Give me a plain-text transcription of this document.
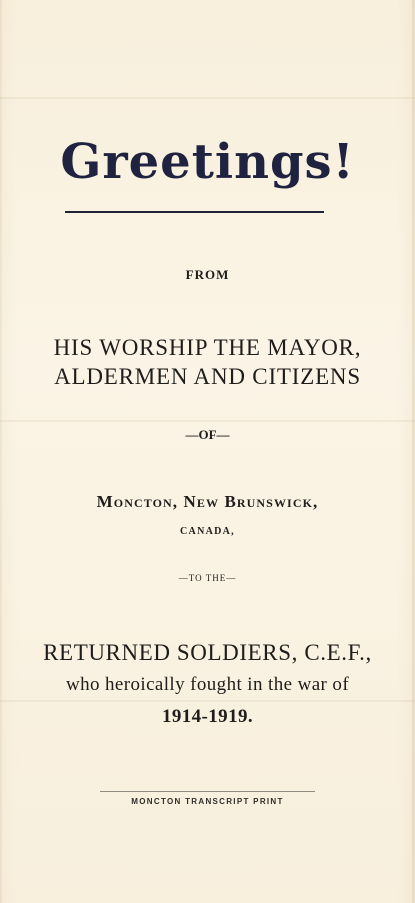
Greetings!
FROM
HIS WORSHIP THE MAYOR,
ALDERMEN AND CITIZENS
—OF—
Moncton, New Brunswick,
CANADA,
—TO THE—
RETURNED SOLDIERS, C.E.F.,
who heroically fought in the war of
1914-1919.
MONCTON TRANSCRIPT PRINT
